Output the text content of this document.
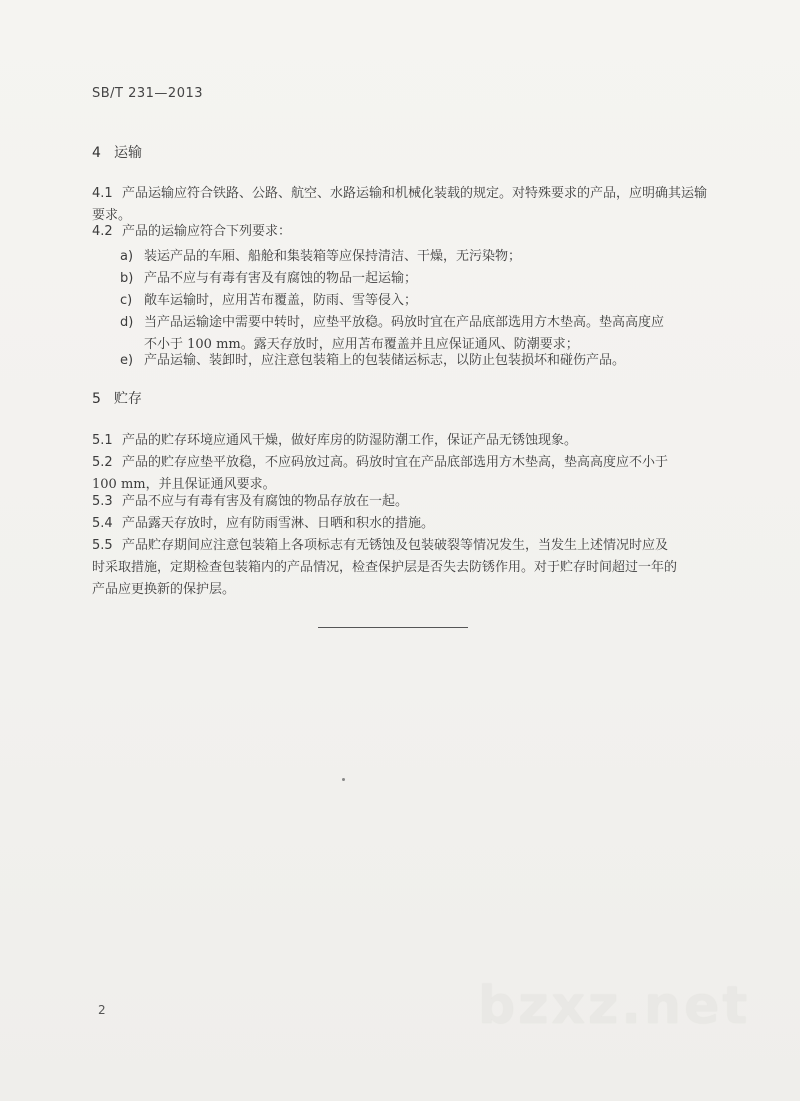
SB/T 231—2013
4 运输
4.1 产品运输应符合铁路、公路、航空、水路运输和机械化装载的规定。对特殊要求的产品，应明确其运输要求。
4.2 产品的运输应符合下列要求：
a) 装运产品的车厢、船舱和集装箱等应保持清洁、干燥，无污染物；
b) 产品不应与有毒有害及有腐蚀的物品一起运输；
c) 敞车运输时，应用苫布覆盖，防雨、雪等侵入；
d) 当产品运输途中需要中转时，应垫平放稳。码放时宜在产品底部选用方木垫高。垫高高度应
不小于 100 mm。露天存放时，应用苫布覆盖并且应保证通风、防潮要求；
e) 产品运输、装卸时，应注意包装箱上的包装储运标志，以防止包装损坏和碰伤产品。
5 贮存
5.1 产品的贮存环境应通风干燥，做好库房的防湿防潮工作，保证产品无锈蚀现象。
5.2 产品的贮存应垫平放稳，不应码放过高。码放时宜在产品底部选用方木垫高，垫高高度应不小于
100 mm，并且保证通风要求。
5.3 产品不应与有毒有害及有腐蚀的物品存放在一起。
5.4 产品露天存放时，应有防雨雪淋、日晒和积水的措施。
5.5 产品贮存期间应注意包装箱上各项标志有无锈蚀及包装破裂等情况发生，当发生上述情况时应及
时采取措施，定期检查包装箱内的产品情况，检查保护层是否失去防锈作用。对于贮存时间超过一年的
产品应更换新的保护层。
2	bzxz.net
